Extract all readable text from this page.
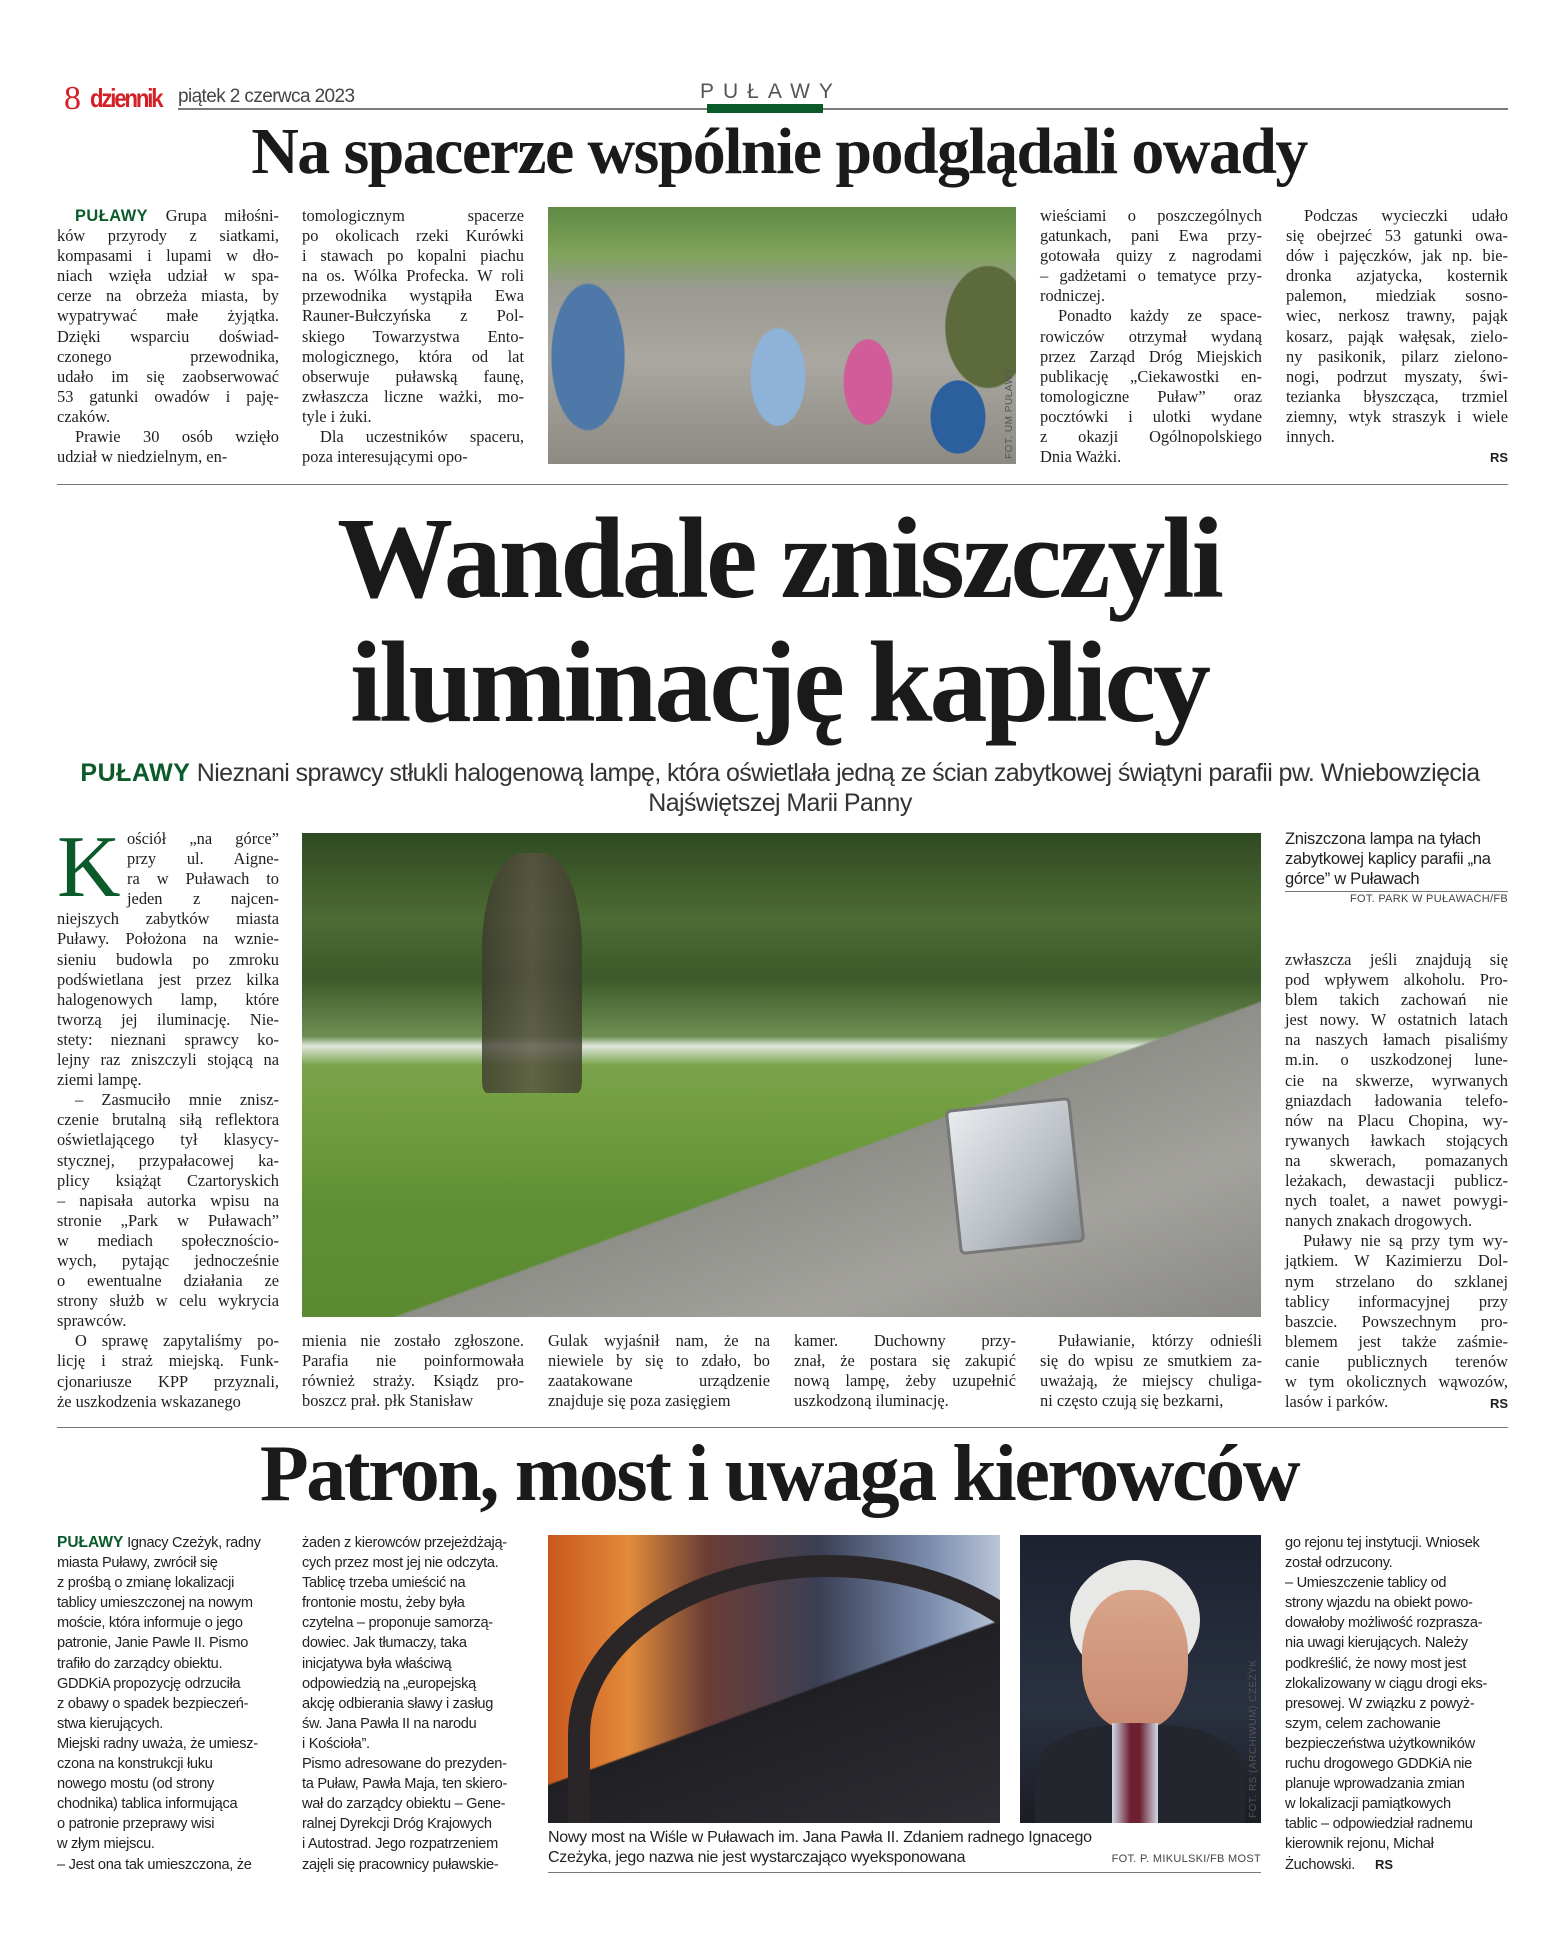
8 dziennik piątek 2 czerwca 2023	PUŁAWY
Na spacerze wspólnie podglądali owady
PUŁAWY Grupa miłośni-
ków przyrody z siatkami,
kompasami i lupami w dło-
niach wzięła udział w spa-
cerze na obrzeża miasta, by
wypatrywać małe żyjątka.
Dzięki wsparciu doświad-
czonego przewodnika,
udało im się zaobserwować
53 gatunki owadów i paję-
czaków.
Prawie 30 osób wzięło
udział w niedzielnym, en-
tomologicznym spacerze
po okolicach rzeki Kurówki
i stawach po kopalni piachu
na os. Wólka Profecka. W roli
przewodnika wystąpiła Ewa
Rauner-Bułczyńska z Pol-
skiego Towarzystwa Ento-
mologicznego, która od lat
obserwuje puławską faunę,
zwłaszcza liczne ważki, mo-
tyle i żuki.
Dla uczestników spaceru,
poza interesującymi opo-	FOT. UM PUŁAWY
wieściami o poszczególnych
gatunkach, pani Ewa przy-
gotowała quizy z nagrodami
– gadżetami o tematyce przy-
rodniczej.
Ponadto każdy ze space-
rowiczów otrzymał wydaną
przez Zarząd Dróg Miejskich
publikację „Ciekawostki en-
tomologiczne Puław” oraz
pocztówki i ulotki wydane
z okazji Ogólnopolskiego
Dnia Ważki.
Podczas wycieczki udało
się obejrzeć 53 gatunki owa-
dów i pajęczków, jak np. bie-
dronka azjatycka, kosternik
palemon, miedziak sosno-
wiec, nerkosz trawny, pająk
kosarz, pająk wałęsak, zielo-
ny pasikonik, pilarz zielono-
nogi, podrzut myszaty, świ-
tezianka błyszcząca, trzmiel
ziemny, wtyk straszyk i wiele
innych.
RS
Wandale zniszczyli
iluminację kaplicy
PUŁAWY Nieznani sprawcy stłukli halogenową lampę, która oświetlała jedną ze ścian zabytkowej świątyni parafii pw. Wniebowzięcia Najświętszej Marii Panny
K ościół „na górce”
przy ul. Aigne-
ra w Puławach to
jeden z najcen-
niejszych zabytków miasta
Puławy. Położona na wznie-
sieniu budowla po zmroku
podświetlana jest przez kilka
halogenowych lamp, które
tworzą jej iluminację. Nie-
stety: nieznani sprawcy ko-
lejny raz zniszczyli stojącą na
ziemi lampę.
– Zasmuciło mnie znisz-
czenie brutalną siłą reflektora
oświetlającego tył klasycy-
stycznej, przypałacowej ka-
plicy książąt Czartoryskich
– napisała autorka wpisu na
stronie „Park w Puławach”
w mediach społecznościo-
wych, pytając jednocześnie
o ewentualne działania ze
strony służb w celu wykrycia
sprawców.
O sprawę zapytaliśmy po-
licję i straż miejską. Funk-
cjonariusze KPP przyznali,
że uszkodzenia wskazanego
mienia nie zostało zgłoszone.
Parafia nie poinformowała
również straży. Ksiądz pro-
boszcz prał. płk Stanisław
Gulak wyjaśnił nam, że na
niewiele by się to zdało, bo
zaatakowane urządzenie
znajduje się poza zasięgiem
kamer. Duchowny przy-
znał, że postara się zakupić
nową lampę, żeby uzupełnić
uszkodzoną iluminację.
Puławianie, którzy odnieśli
się do wpisu ze smutkiem za-
uważają, że miejscy chuliga-
ni często czują się bezkarni,
Zniszczona lampa na tyłach zabytkowej kaplicy parafii „na górce” w Puławach
FOT. PARK W PUŁAWACH/FB
zwłaszcza jeśli znajdują się
pod wpływem alkoholu. Pro-
blem takich zachowań nie
jest nowy. W ostatnich latach
na naszych łamach pisaliśmy
m.in. o uszkodzonej lune-
cie na skwerze, wyrwanych
gniazdach ładowania telefo-
nów na Placu Chopina, wy-
rywanych ławkach stojących
na skwerach, pomazanych
leżakach, dewastacji publicz-
nych toalet, a nawet powygi-
nanych znakach drogowych.
Puławy nie są przy tym wy-
jątkiem. W Kazimierzu Dol-
nym strzelano do szklanej
tablicy informacyjnej przy
baszcie. Powszechnym pro-
blemem jest także zaśmie-
canie publicznych terenów
w tym okolicznych wąwozów,
lasów i parków.	RS
Patron, most i uwaga kierowców
PUŁAWY Ignacy Czeżyk, radny
miasta Puławy, zwrócił się
z prośbą o zmianę lokalizacji
tablicy umieszczonej na nowym
moście, która informuje o jego
patronie, Janie Pawle II. Pismo
trafiło do zarządcy obiektu.
GDDKiA propozycję odrzuciła
z obawy o spadek bezpieczeń-
stwa kierujących.
Miejski radny uważa, że umiesz-
czona na konstrukcji łuku
nowego mostu (od strony
chodnika) tablica informująca
o patronie przeprawy wisi
w złym miejscu.
– Jest ona tak umieszczona, że
żaden z kierowców przejeżdżają-
cych przez most jej nie odczyta.
Tablicę trzeba umieścić na
frontonie mostu, żeby była
czytelna – proponuje samorzą-
dowiec. Jak tłumaczy, taka
inicjatywa była właściwą
odpowiedzią na „europejską
akcję odbierania sławy i zasług
św. Jana Pawła II na narodu
i Kościoła”.
Pismo adresowane do prezyden-
ta Puław, Pawła Maja, ten skiero-
wał do zarządcy obiektu – Gene-
ralnej Dyrekcji Dróg Krajowych
i Autostrad. Jego rozpatrzeniem
zajęli się pracownicy puławskie-
FOT. RS (ARCHIWUM) CZEŻYK
FOT. P. MIKULSKI/FB MOST
Nowy most na Wiśle w Puławach im. Jana Pawła II. Zdaniem radnego Ignacego Czeżyka, jego nazwa nie jest wystarczająco wyeksponowana
go rejonu tej instytucji. Wniosek
został odrzucony.
– Umieszczenie tablicy od
strony wjazdu na obiekt powo-
dowałoby możliwość rozprasza-
nia uwagi kierujących. Należy
podkreślić, że nowy most jest
zlokalizowany w ciągu drogi eks-
presowej. W związku z powyż-
szym, celem zachowanie
bezpieczeństwa użytkowników
ruchu drogowego GDDKiA nie
planuje wprowadzania zmian
w lokalizacji pamiątkowych
tablic – odpowiedział radnemu
kierownik rejonu, Michał
Żuchowski. RS
